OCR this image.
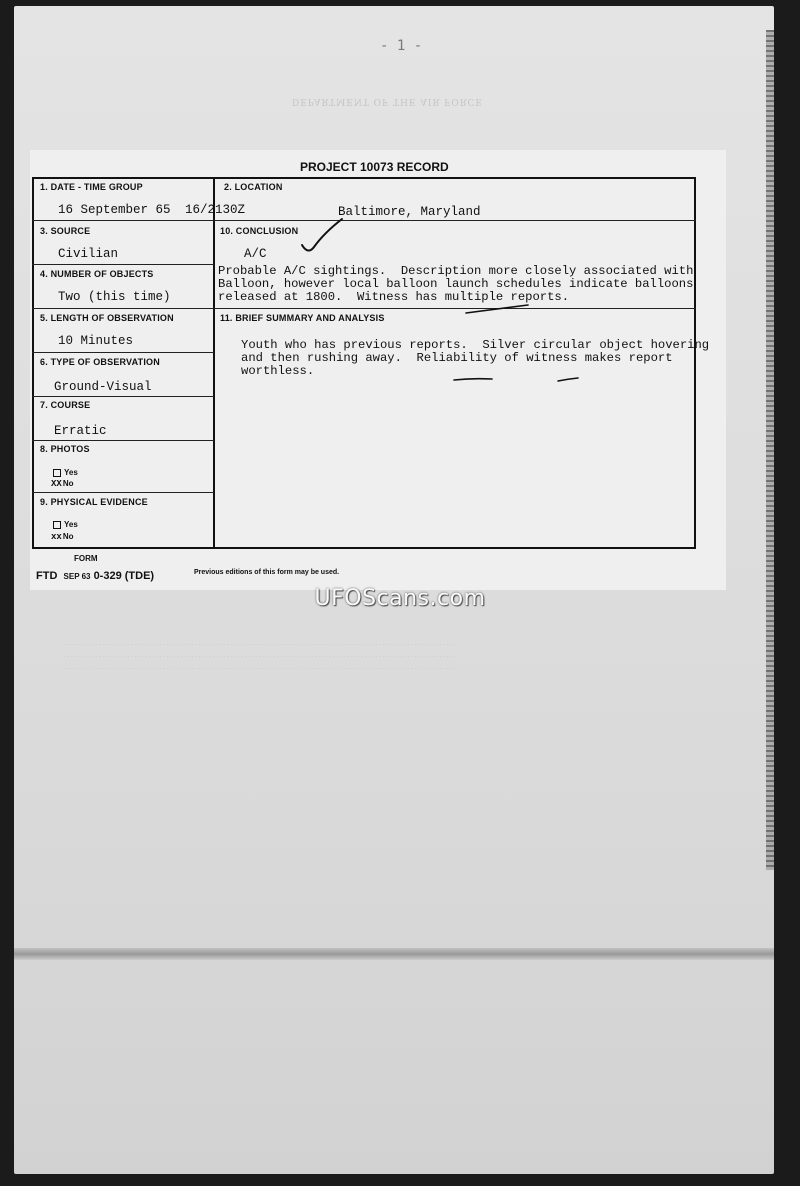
DEPARTMENT OF THE AIR FORCE
- 1 -
PROJECT 10073 RECORD
1. DATE - TIME GROUP
16 September 65 16/2130Z
2. LOCATION
Baltimore, Maryland
3. SOURCE
Civilian
10. CONCLUSION
A/C
Probable A/C sightings.  Description more closely associated with
Balloon, however local balloon launch schedules indicate balloons
released at 1800.  Witness has multiple reports.
4. NUMBER OF OBJECTS
Two (this time)
5. LENGTH OF OBSERVATION
10 Minutes
11. BRIEF SUMMARY AND ANALYSIS
Youth who has previous reports.  Silver circular object hovering
and then rushing away.  Reliability of witness makes report
worthless.
6. TYPE OF OBSERVATION
Ground-Visual
7. COURSE
Erratic
8. PHOTOS
Yes
XXNo
9. PHYSICAL EVIDENCE
Yes
xxNo
FORM
FTD SEP 63 0-329 (TDE)	Previous editions of this form may be used.
UFOScans.com
................................................................................................................
................................................................................................................
................................................................................................................
